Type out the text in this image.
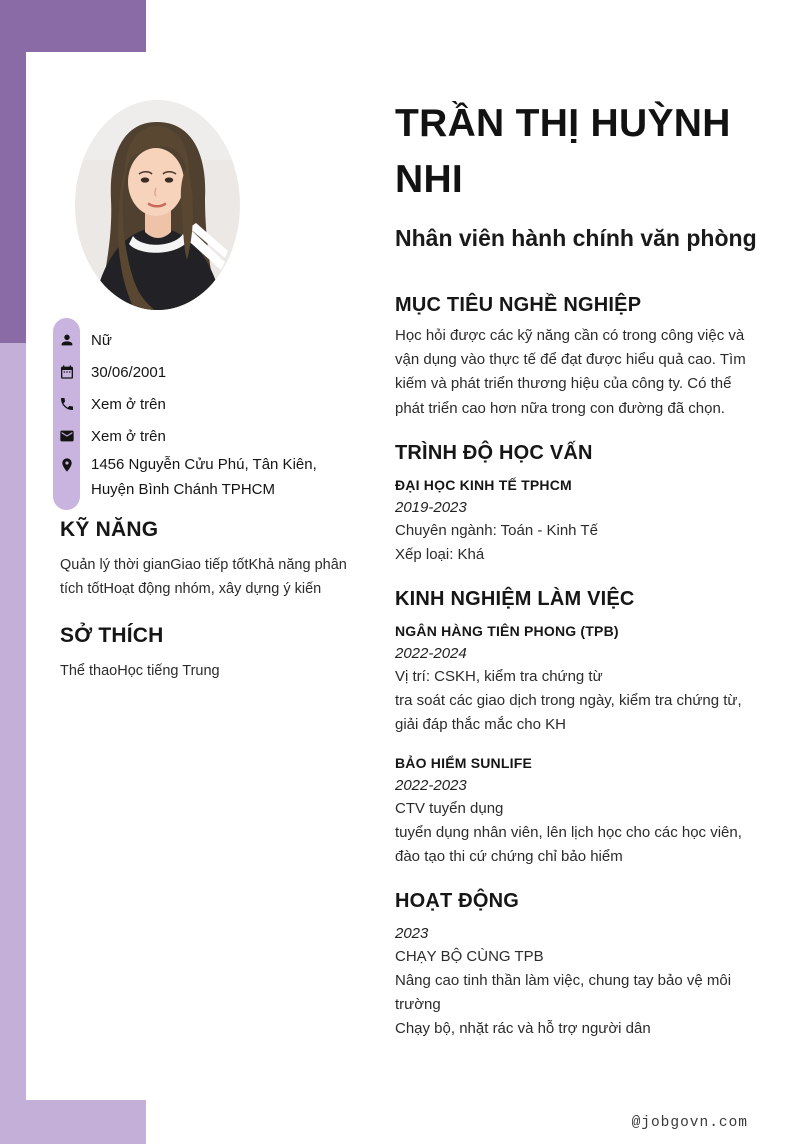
Nữ
30/06/2001
Xem ở trên
Xem ở trên
1456 Nguyễn Cửu Phú, Tân Kiên, Huyện Bình Chánh TPHCM
KỸ NĂNG

Quản lý thời gianGiao tiếp tốtKhả năng phân tích tốtHoạt động nhóm, xây dựng ý kiến

SỞ THÍCH

Thể thaoHọc tiếng Trung

TRẦN THỊ HUỲNH NHI
Nhân viên hành chính văn phòng
MỤC TIÊU NGHỀ NGHIỆP

Học hỏi được các kỹ năng cần có trong công việc và vận dụng vào thực tế để đạt được hiểu quả cao. Tìm kiếm và phát triển thương hiệu của công ty. Có thể phát triển cao hơn nữa trong con đường đã chọn.

TRÌNH ĐỘ HỌC VẤN

ĐẠI HỌC KINH TẾ TPHCM

2019-2023

Chuyên ngành: Toán - Kinh Tế

Xếp loại: Khá

KINH NGHIỆM LÀM VIỆC

NGÂN HÀNG TIÊN PHONG (TPB)

2022-2024

Vị trí: CSKH, kiểm tra chứng từ

tra soát các giao dịch trong ngày, kiểm tra chứng từ, giải đáp thắc mắc cho KH

BẢO HIỂM SUNLIFE

2022-2023

CTV tuyển dụng

tuyển dụng nhân viên, lên lịch học cho các học viên, đào tạo thi cứ chứng chỉ bảo hiểm

HOẠT ĐỘNG

2023

CHẠY BỘ CÙNG TPB

Nâng cao tinh thần làm việc, chung tay bảo vệ môi trường

Chạy bộ, nhặt rác và hỗ trợ người dân

@jobgovn.com
